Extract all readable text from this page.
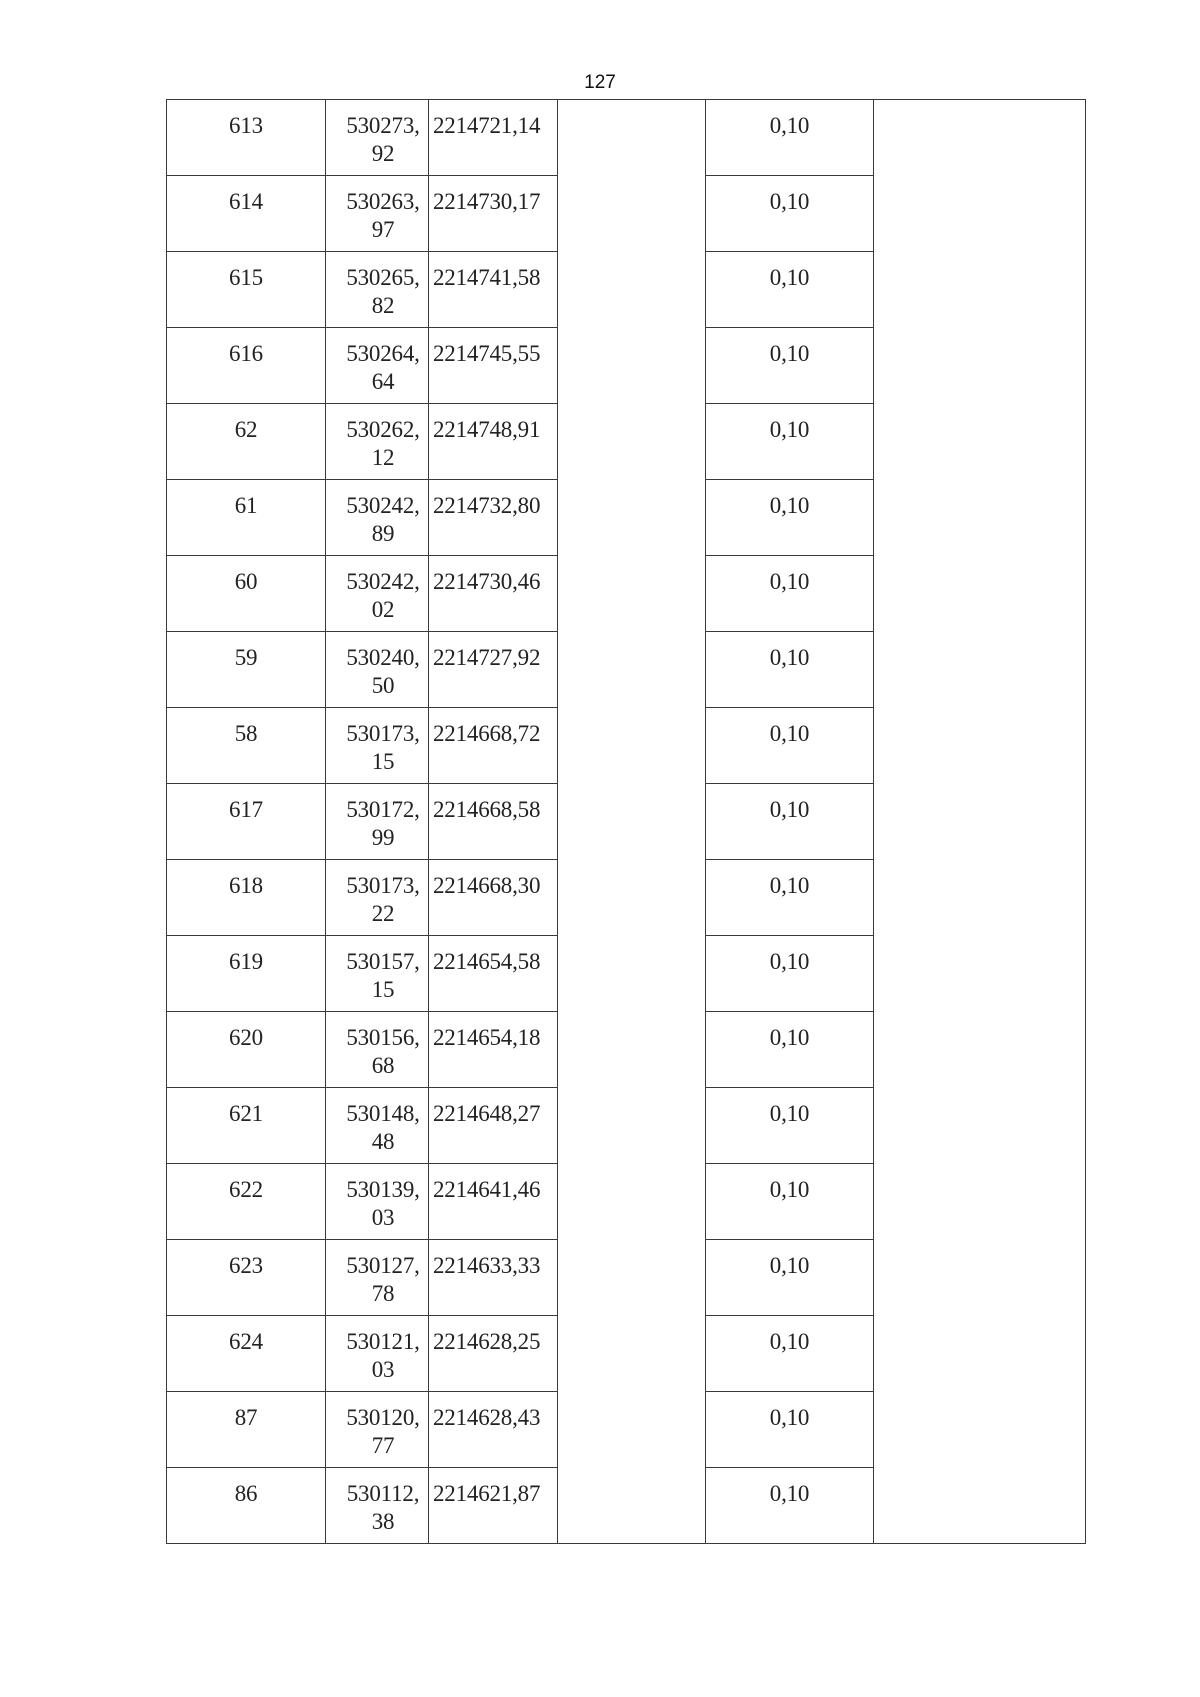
127
613	530273,
92	2214721,14		0,10	

614	530263,
97	2214730,17		0,10	

615	530265,
82	2214741,58		0,10	

616	530264,
64	2214745,55		0,10	

62	530262,
12	2214748,91		0,10	

61	530242,
89	2214732,80		0,10	

60	530242,
02	2214730,46		0,10	

59	530240,
50	2214727,92		0,10	

58	530173,
15	2214668,72		0,10	

617	530172,
99	2214668,58		0,10	

618	530173,
22	2214668,30		0,10	

619	530157,
15	2214654,58		0,10	

620	530156,
68	2214654,18		0,10	

621	530148,
48	2214648,27		0,10	

622	530139,
03	2214641,46		0,10	

623	530127,
78	2214633,33		0,10	

624	530121,
03	2214628,25		0,10	

87	530120,
77	2214628,43		0,10	

86	530112,
38	2214621,87		0,10	
